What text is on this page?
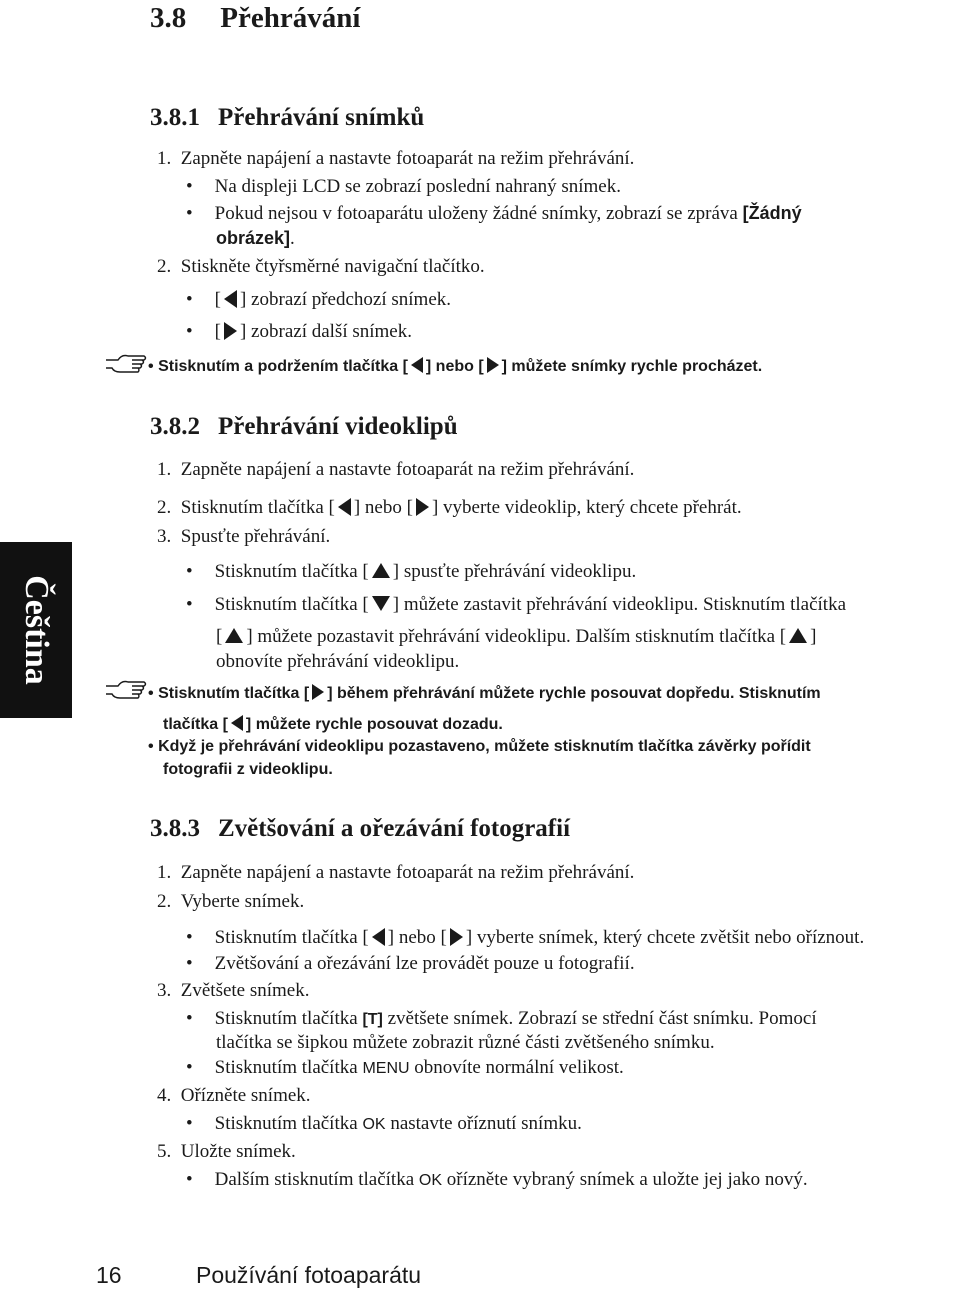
3.8 Přehrávání
3.8.1 Přehrávání snímků
1. Zapněte napájení a nastavte fotoaparát na režim přehrávání.
• Na displeji LCD se zobrazí poslední nahraný snímek.
• Pokud nejsou v fotoaparátu uloženy žádné snímky, zobrazí se zpráva [Žádný
obrázek].
2. Stiskněte čtyřsměrné navigační tlačítko.
• [ ] zobrazí předchozí snímek.
• [ ] zobrazí další snímek.
• Stisknutím a podržením tlačítka [ ] nebo [ ] můžete snímky rychle procházet.
3.8.2 Přehrávání videoklipů
1. Zapněte napájení a nastavte fotoaparát na režim přehrávání.
2. Stisknutím tlačítka [ ] nebo [ ] vyberte videoklip, který chcete přehrát.
3. Spusťte přehrávání.
• Stisknutím tlačítka [ ] spusťte přehrávání videoklipu.
• Stisknutím tlačítka [ ] můžete zastavit přehrávání videoklipu. Stisknutím tlačítka
[ ] můžete pozastavit přehrávání videoklipu. Dalším stisknutím tlačítka [ ]
obnovíte přehrávání videoklipu.
• Stisknutím tlačítka [ ] během přehrávání můžete rychle posouvat dopředu. Stisknutím
tlačítka [ ] můžete rychle posouvat dozadu.
• Když je přehrávání videoklipu pozastaveno, můžete stisknutím tlačítka závěrky pořídit
fotografii z videoklipu.
3.8.3 Zvětšování a ořezávání fotografií
1. Zapněte napájení a nastavte fotoaparát na režim přehrávání.
2. Vyberte snímek.
• Stisknutím tlačítka [ ] nebo [ ] vyberte snímek, který chcete zvětšit nebo oříznout.
• Zvětšování a ořezávání lze provádět pouze u fotografií.
3. Zvětšete snímek.
• Stisknutím tlačítka [T] zvětšete snímek. Zobrazí se střední část snímku. Pomocí
tlačítka se šipkou můžete zobrazit různé části zvětšeného snímku.
• Stisknutím tlačítka MENU obnovíte normální velikost.
4. Ořízněte snímek.
• Stisknutím tlačítka OK nastavte oříznutí snímku.
5. Uložte snímek.
• Dalším stisknutím tlačítka OK ořízněte vybraný snímek a uložte jej jako nový.
Čeština
16	Používání fotoaparátu
